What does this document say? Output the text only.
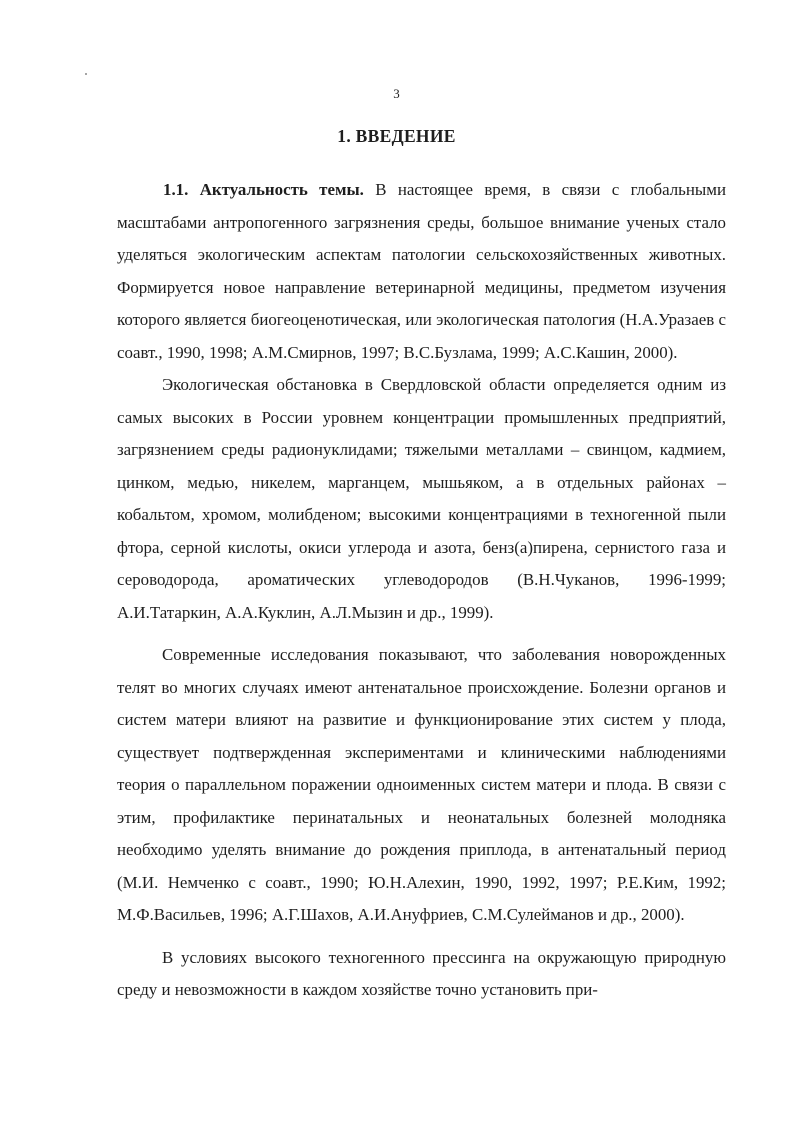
3
1. ВВЕДЕНИЕ

1.1. Актуальность темы. В настоящее время, в связи с глобальными масштабами антропогенного загрязнения среды, большое внимание ученых стало уделяться экологическим аспектам патологии сельскохозяйственных животных. Формируется новое направление ветеринарной медицины, предметом изучения которого является биогеоценотическая, или экологическая патология (Н.А.Уразаев с соавт., 1990, 1998; А.М.Смирнов, 1997; В.С.Бузлама, 1999; А.С.Кашин, 2000).

Экологическая обстановка в Свердловской области определяется одним из самых высоких в России уровнем концентрации промышленных предприятий, загрязнением среды радионуклидами; тяжелыми металлами – свинцом, кадмием, цинком, медью, никелем, марганцем, мышьяком, а в отдельных районах – кобальтом, хромом, молибденом; высокими концентрациями в техногенной пыли фтора, серной кислоты, окиси углерода и азота, бенз(а)пирена, сернистого газа и сероводорода, ароматических углеводородов (В.Н.Чуканов, 1996-1999; А.И.Татаркин, А.А.Куклин, А.Л.Мызин и др., 1999).

Современные исследования показывают, что заболевания новорожденных телят во многих случаях имеют антенатальное происхождение. Болезни органов и систем матери влияют на развитие и функционирование этих систем у плода, существует подтвержденная экспериментами и клиническими наблюдениями теория о параллельном поражении одноименных систем матери и плода. В связи с этим, профилактике перинатальных и неонатальных болезней молодняка необходимо уделять внимание до рождения приплода, в антенатальный период (М.И. Немченко с соавт., 1990; Ю.Н.Алехин, 1990, 1992, 1997; Р.Е.Ким, 1992; М.Ф.Васильев, 1996; А.Г.Шахов, А.И.Ануфриев, С.М.Сулейманов и др., 2000).

В условиях высокого техногенного прессинга на окружающую природную среду и невозможности в каждом хозяйстве точно установить при-
